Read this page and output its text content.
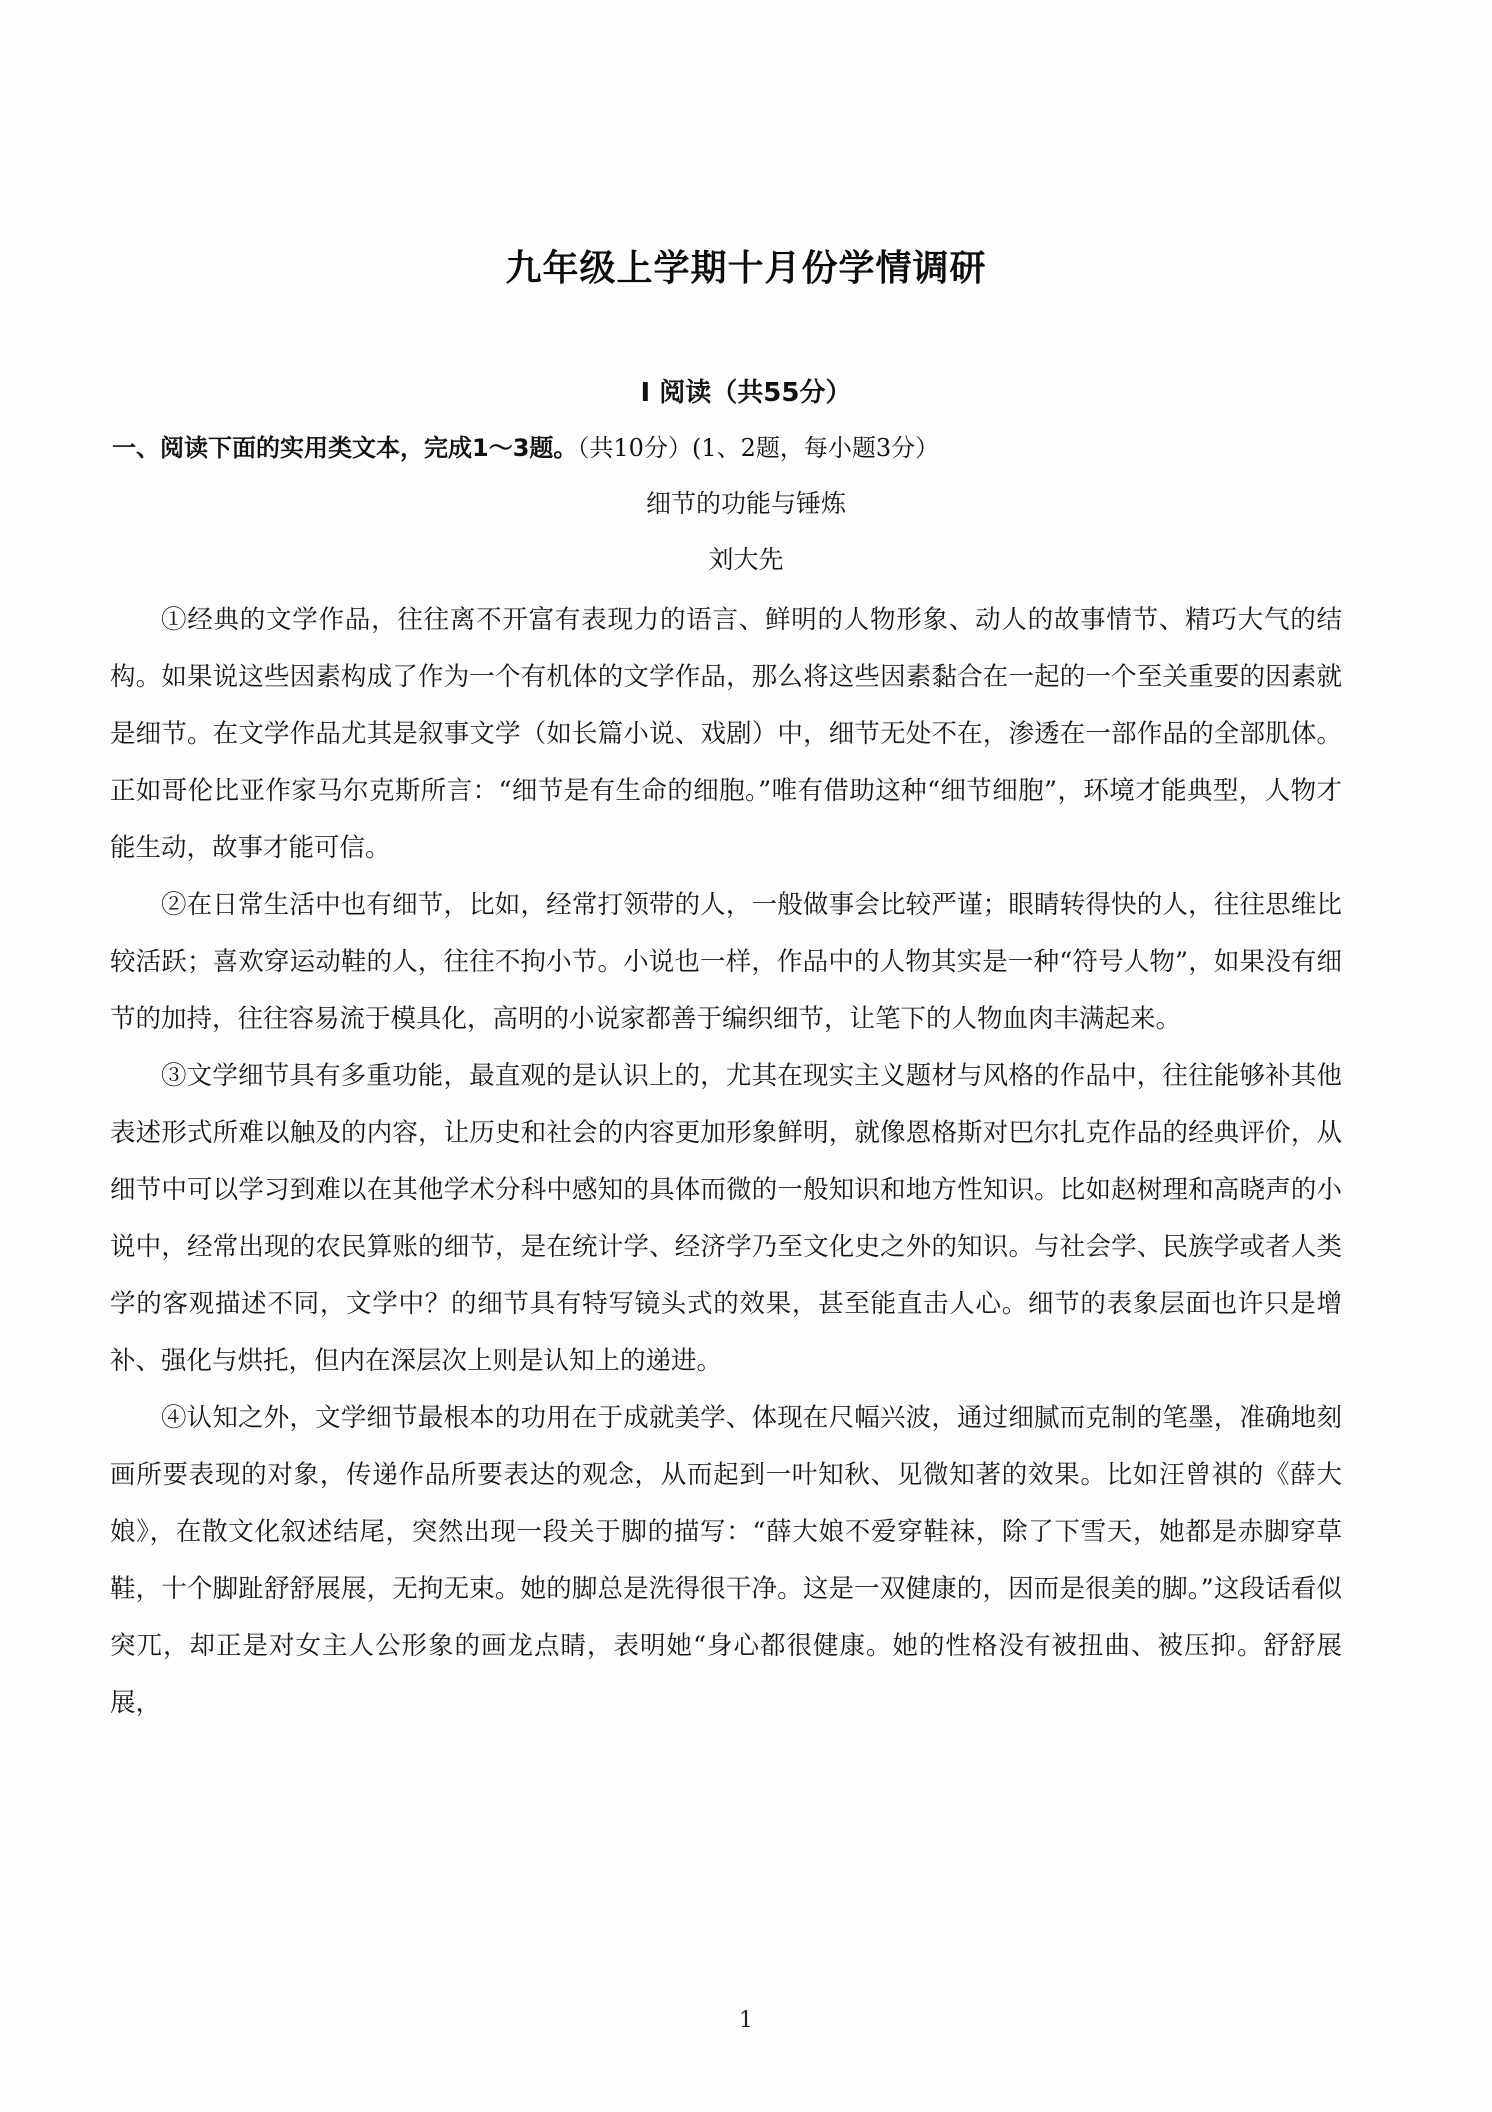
九年级上学期十月份学情调研
Ⅰ 阅读（共55分）
一、阅读下面的实用类文本，完成1～3题。（共10分）(1、2题，每小题3分）
细节的功能与锤炼
刘大先

①经典的文学作品，往往离不开富有表现力的语言、鲜明的人物形象、动人的故事情节、精巧大气的结构。如果说这些因素构成了作为一个有机体的文学作品，那么将这些因素黏合在一起的一个至关重要的因素就是细节。在文学作品尤其是叙事文学（如长篇小说、戏剧）中，细节无处不在，渗透在一部作品的全部肌体。正如哥伦比亚作家马尔克斯所言：“细节是有生命的细胞。”唯有借助这种“细节细胞”，环境才能典型，人物才能生动，故事才能可信。

②在日常生活中也有细节，比如，经常打领带的人，一般做事会比较严谨；眼睛转得快的人，往往思维比较活跃；喜欢穿运动鞋的人，往往不拘小节。小说也一样，作品中的人物其实是一种“符号人物”，如果没有细节的加持，往往容易流于模具化，高明的小说家都善于编织细节，让笔下的人物血肉丰满起来。

③文学细节具有多重功能，最直观的是认识上的，尤其在现实主义题材与风格的作品中，往往能够补其他表述形式所难以触及的内容，让历史和社会的内容更加形象鲜明，就像恩格斯对巴尔扎克作品的经典评价，从细节中可以学习到难以在其他学术分科中感知的具体而微的一般知识和地方性知识。比如赵树理和高晓声的小说中，经常出现的农民算账的细节，是在统计学、经济学乃至文化史之外的知识。与社会学、民族学或者人类学的客观描述不同，文学中？的细节具有特写镜头式的效果，甚至能直击人心。细节的表象层面也许只是增补、强化与烘托，但内在深层次上则是认知上的递进。

④认知之外，文学细节最根本的功用在于成就美学、体现在尺幅兴波，通过细腻而克制的笔墨，准确地刻画所要表现的对象，传递作品所要表达的观念，从而起到一叶知秋、见微知著的效果。比如汪曾祺的《薛大娘》，在散文化叙述结尾，突然出现一段关于脚的描写：“薛大娘不爱穿鞋袜，除了下雪天，她都是赤脚穿草鞋，十个脚趾舒舒展展，无拘无束。她的脚总是洗得很干净。这是一双健康的，因而是很美的脚。”这段话看似突兀，却正是对女主人公形象的画龙点睛，表明她“身心都很健康。她的性格没有被扭曲、被压抑。舒舒展展，

1
